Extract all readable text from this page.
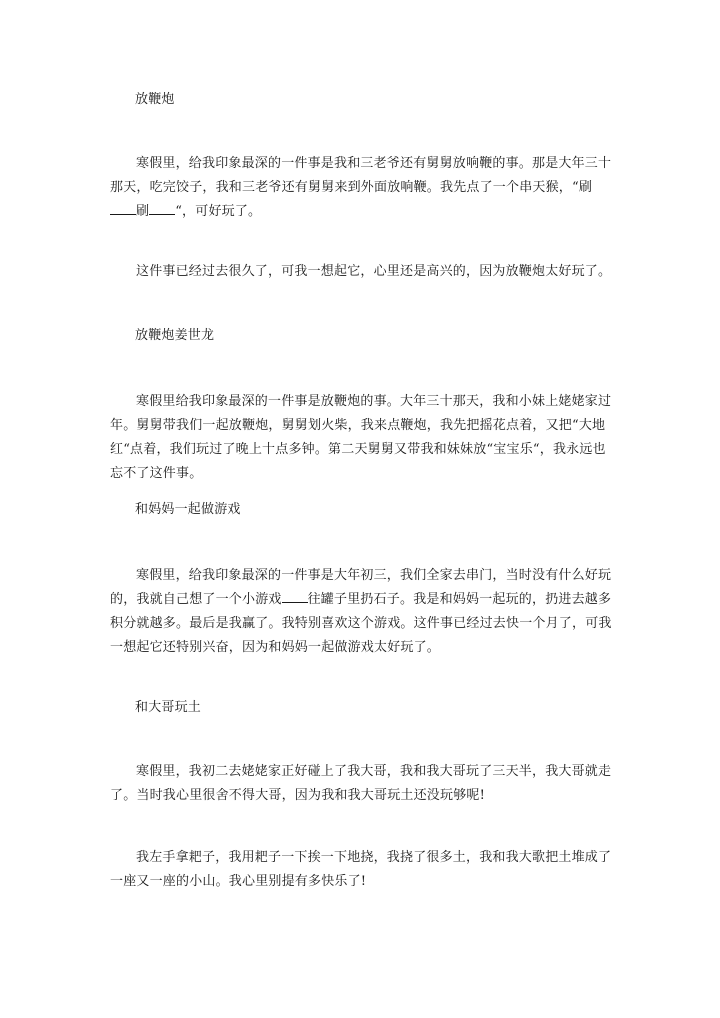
放鞭炮

寒假里，给我印象最深的一件事是我和三老爷还有舅舅放响鞭的事。那是大年三十那天，吃完饺子，我和三老爷还有舅舅来到外面放响鞭。我先点了一个串天猴，“刷刷 “，可好玩了。

这件事已经过去很久了，可我一想起它，心里还是高兴的，因为放鞭炮太好玩了。

放鞭炮姜世龙

寒假里给我印象最深的一件事是放鞭炮的事。大年三十那天，我和小妹上姥姥家过年。舅舅带我们一起放鞭炮，舅舅划火柴，我来点鞭炮，我先把摇花点着，又把“大地红“点着，我们玩过了晚上十点多钟。第二天舅舅又带我和妹妹放“宝宝乐“，我永远也忘不了这件事。

和妈妈一起做游戏

寒假里，给我印象最深的一件事是大年初三，我们全家去串门，当时没有什么好玩的，我就自己想了一个小游戏 往罐子里扔石子。我是和妈妈一起玩的，扔进去越多积分就越多。最后是我赢了。我特别喜欢这个游戏。这件事已经过去快一个月了，可我一想起它还特别兴奋，因为和妈妈一起做游戏太好玩了。

和大哥玩土

寒假里，我初二去姥姥家正好碰上了我大哥，我和我大哥玩了三天半，我大哥就走了。当时我心里很舍不得大哥，因为我和我大哥玩土还没玩够呢!

我左手拿耙子，我用耙子一下挨一下地挠，我挠了很多土，我和我大歌把土堆成了一座又一座的小山。我心里别提有多快乐了!
